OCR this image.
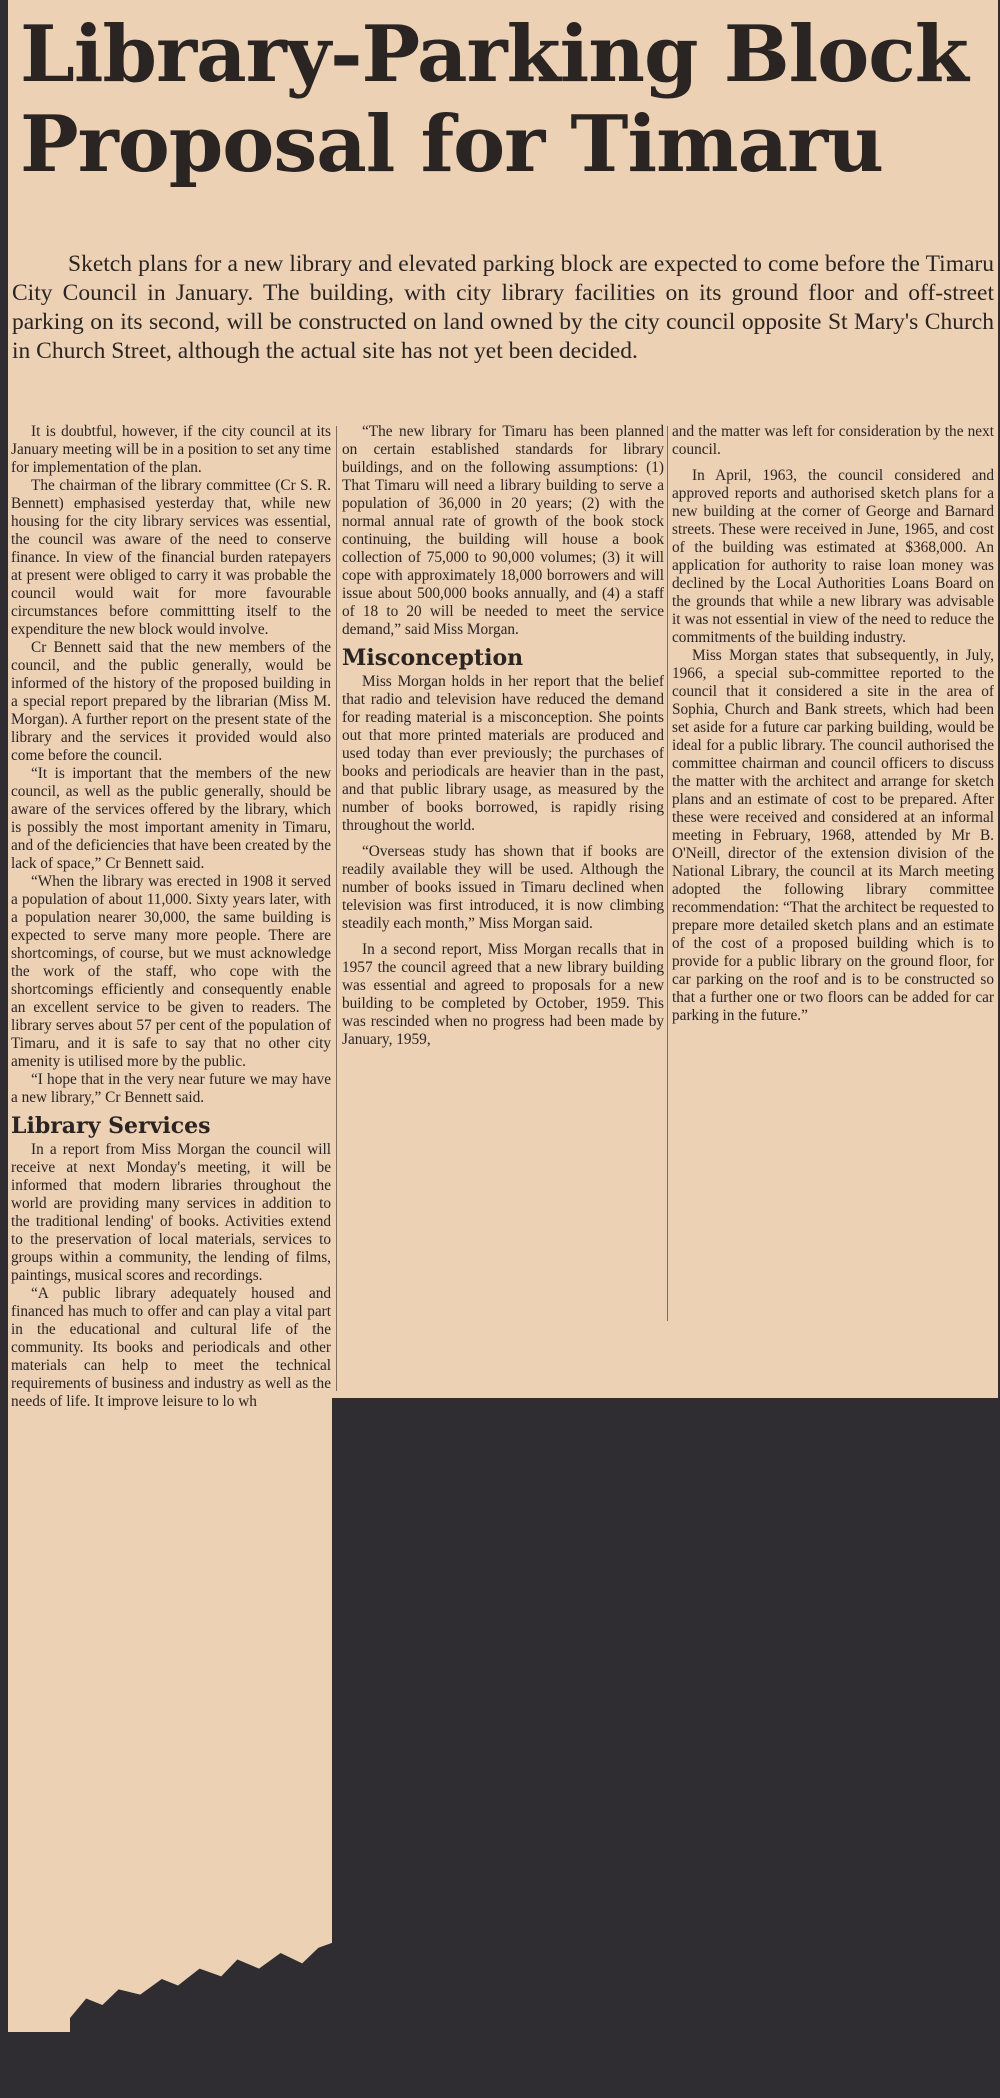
Library-Parking Block
Proposal for Timaru
Sketch plans for a new library and elevated parking block are expected to come before the Timaru City Council in January. The building, with city library facilities on its ground floor and off-street parking on its second, will be constructed on land owned by the city council opposite St Mary's Church in Church Street, although the actual site has not yet been decided.

It is doubtful, however, if the city council at its January meeting will be in a position to set any time for implementation of the plan.

The chairman of the library committee (Cr S. R. Bennett) emphasised yesterday that, while new housing for the city library services was essential, the council was aware of the need to conserve finance. In view of the financial burden ratepayers at present were obliged to carry it was probable the council would wait for more favourable circumstances before committting itself to the expenditure the new block would involve.

Cr Bennett said that the new members of the council, and the public generally, would be informed of the history of the proposed building in a special report prepared by the librarian (Miss M. Morgan). A further report on the present state of the library and the services it provided would also come before the council.

“It is important that the members of the new council, as well as the public generally, should be aware of the services offered by the library, which is possibly the most important amenity in Timaru, and of the deficiencies that have been created by the lack of space,” Cr Bennett said.

“When the library was erected in 1908 it served a population of about 11,000. Sixty years later, with a population nearer 30,000, the same building is expected to serve many more people. There are shortcomings, of course, but we must acknowledge the work of the staff, who cope with the shortcomings efficiently and consequently enable an excellent service to be given to readers. The library serves about 57 per cent of the population of Timaru, and it is safe to say that no other city amenity is utilised more by the public.

“I hope that in the very near future we may have a new library,” Cr Bennett said.

Library Services

In a report from Miss Morgan the council will receive at next Monday's meeting, it will be informed that modern libraries throughout the world are providing many services in addition to the traditional lending' of books. Activities extend to the preservation of local materials, services to groups within a community, the lending of films, paintings, musical scores and recordings.

“A public library adequately housed and financed has much to offer and can play a vital part in the educational and cultural life of the community. Its books and periodicals and other materials can help to meet the technical requirements of business and industry as well as the needs of life. It improve leisure to lo wh

“The new library for Timaru has been planned on certain established standards for library buildings, and on the following assumptions: (1) That Timaru will need a library building to serve a population of 36,000 in 20 years; (2) with the normal annual rate of growth of the book stock continuing, the building will house a book collection of 75,000 to 90,000 volumes; (3) it will cope with approximately 18,000 borrowers and will issue about 500,000 books annually, and (4) a staff of 18 to 20 will be needed to meet the service demand,” said Miss Morgan.

Misconception

Miss Morgan holds in her report that the belief that radio and television have reduced the demand for reading material is a misconception. She points out that more printed materials are produced and used today than ever previously; the purchases of books and periodicals are heavier than in the past, and that public library usage, as measured by the number of books borrowed, is rapidly rising throughout the world.

“Overseas study has shown that if books are readily available they will be used. Although the number of books issued in Timaru declined when television was first introduced, it is now climbing steadily each month,” Miss Morgan said.

In a second report, Miss Morgan recalls that in 1957 the council agreed that a new library building was essential and agreed to proposals for a new building to be completed by October, 1959. This was rescinded when no progress had been made by January, 1959,

and the matter was left for consideration by the next council.

In April, 1963, the council considered and approved reports and authorised sketch plans for a new building at the corner of George and Barnard streets. These were received in June, 1965, and cost of the building was estimated at $368,000. An application for authority to raise loan money was declined by the Local Authorities Loans Board on the grounds that while a new library was advisable it was not essential in view of the need to reduce the commitments of the building industry.

Miss Morgan states that subsequently, in July, 1966, a special sub-committee reported to the council that it considered a site in the area of Sophia, Church and Bank streets, which had been set aside for a future car parking building, would be ideal for a public library. The council authorised the committee chairman and council officers to discuss the matter with the architect and arrange for sketch plans and an estimate of cost to be prepared. After these were received and considered at an informal meeting in February, 1968, attended by Mr B. O'Neill, director of the extension division of the National Library, the council at its March meeting adopted the following library committee recommendation: “That the architect be requested to prepare more detailed sketch plans and an estimate of the cost of a proposed building which is to provide for a public library on the ground floor, for car parking on the roof and is to be constructed so that a further one or two floors can be added for car parking in the future.”
